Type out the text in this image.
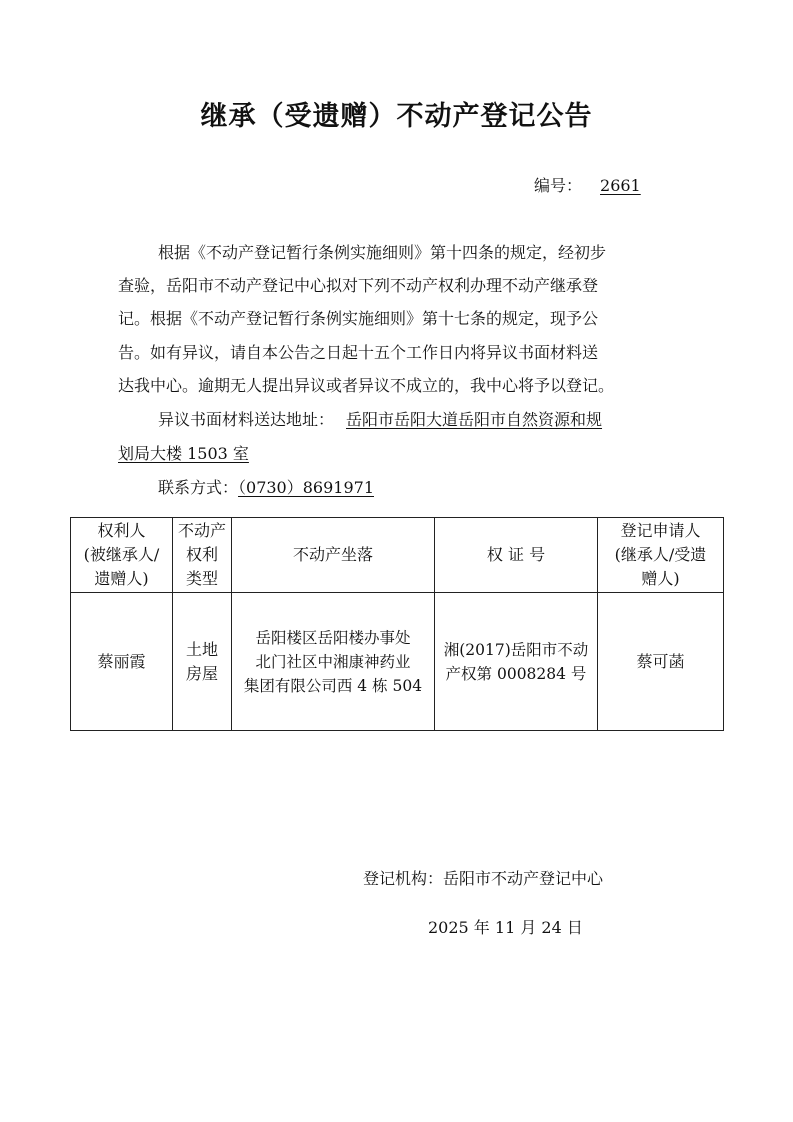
继承（受遗赠）不动产登记公告
编号： 2661
根据《不动产登记暂行条例实施细则》第十四条的规定，经初步
查验，岳阳市不动产登记中心拟对下列不动产权利办理不动产继承登
记。根据《不动产登记暂行条例实施细则》第十七条的规定，现予公
告。如有异议，请自本公告之日起十五个工作日内将异议书面材料送
达我中心。逾期无人提出异议或者异议不成立的，我中心将予以登记。
异议书面材料送达地址： 岳阳市岳阳大道岳阳市自然资源和规
划局大楼 1503 室
联系方式：（0730）8691971
权利人
(被继承人/
遗赠人)	不动产
权利
类型	不动产坐落	权 证 号	登记申请人
(继承人/受遗
赠人)

蔡丽霞	土地
房屋	岳阳楼区岳阳楼办事处
北门社区中湘康神药业
集团有限公司西 4 栋 504	湘(2017)岳阳市不动
产权第 0008284 号	蔡可菡
登记机构：岳阳市不动产登记中心
2025 年 11 月 24 日
